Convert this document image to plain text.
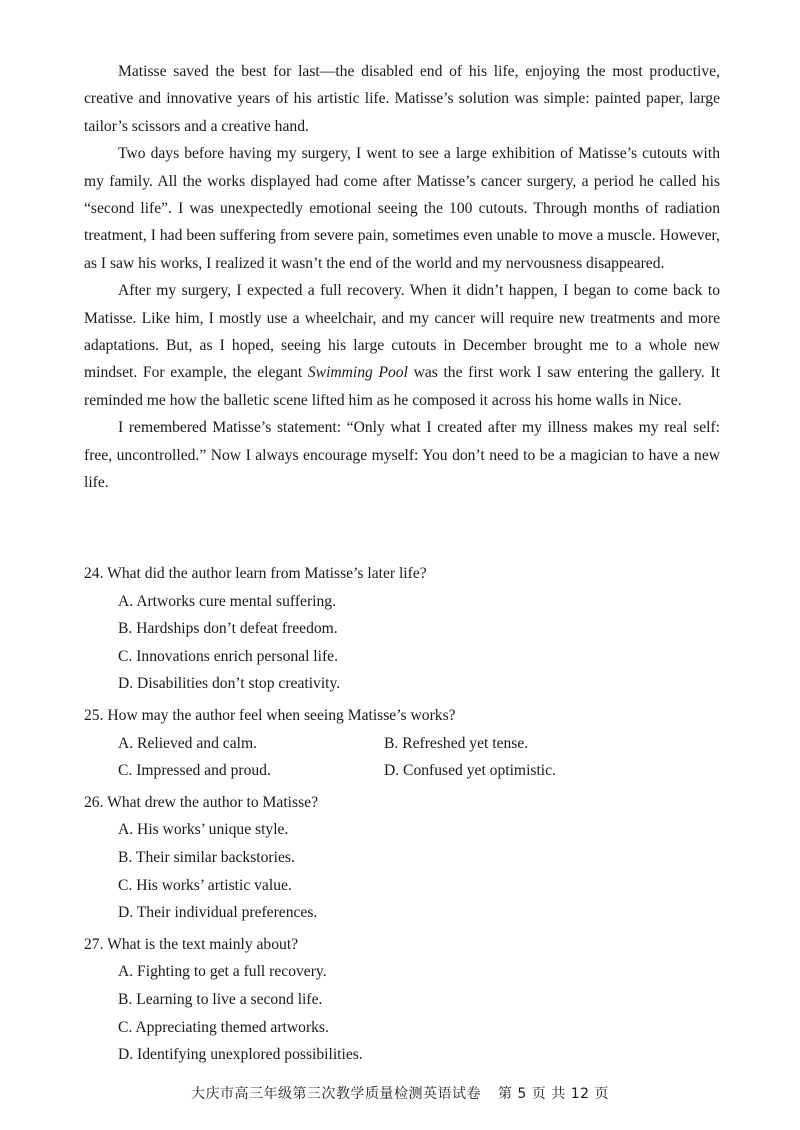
Matisse saved the best for last—the disabled end of his life, enjoying the most productive, creative and innovative years of his artistic life. Matisse’s solution was simple: painted paper, large tailor’s scissors and a creative hand.

Two days before having my surgery, I went to see a large exhibition of Matisse’s cutouts with my family. All the works displayed had come after Matisse’s cancer surgery, a period he called his “second life”. I was unexpectedly emotional seeing the 100 cutouts. Through months of radiation treatment, I had been suffering from severe pain, sometimes even unable to move a muscle. However, as I saw his works, I realized it wasn’t the end of the world and my nervousness disappeared.

After my surgery, I expected a full recovery. When it didn’t happen, I began to come back to Matisse. Like him, I mostly use a wheelchair, and my cancer will require new treatments and more adaptations. But, as I hoped, seeing his large cutouts in December brought me to a whole new mindset. For example, the elegant Swimming Pool was the first work I saw entering the gallery. It reminded me how the balletic scene lifted him as he composed it across his home walls in Nice.

I remembered Matisse’s statement: “Only what I created after my illness makes my real self: free, uncontrolled.” Now I always encourage myself: You don’t need to be a magician to have a new life.

24. What did the author learn from Matisse’s later life?

A. Artworks cure mental suffering.

B. Hardships don’t defeat freedom.

C. Innovations enrich personal life.

D. Disabilities don’t stop creativity.

25. How may the author feel when seeing Matisse’s works?

A. Relieved and calm.	B. Refreshed yet tense.

C. Impressed and proud.	D. Confused yet optimistic.

26. What drew the author to Matisse?

A. His works’ unique style.

B. Their similar backstories.

C. His works’ artistic value.

D. Their individual preferences.

27. What is the text mainly about?

A. Fighting to get a full recovery.

B. Learning to live a second life.

C. Appreciating themed artworks.

D. Identifying unexplored possibilities.

大庆市高三年级第三次教学质量检测英语试卷 第 5 页 共 12 页
